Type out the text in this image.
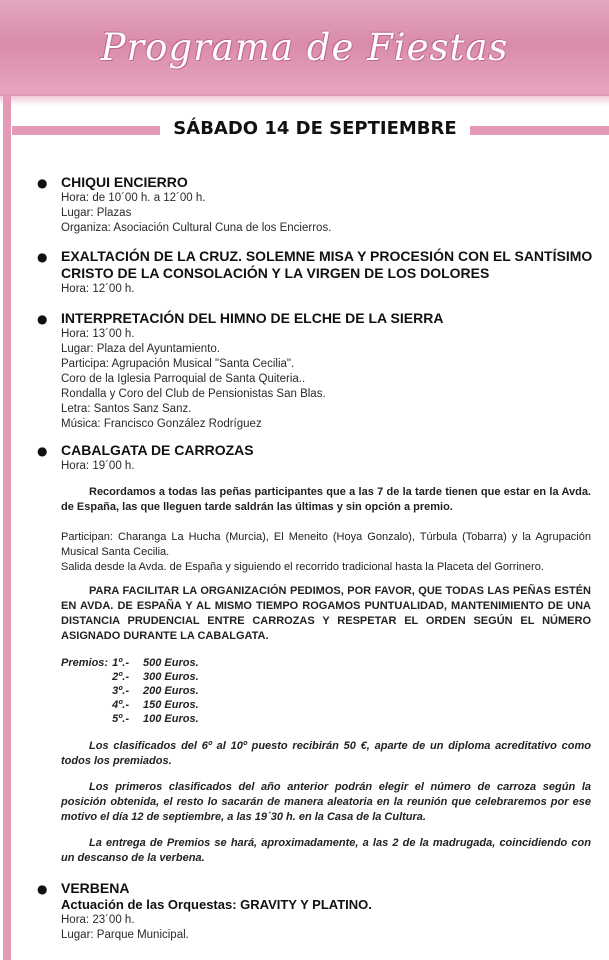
Programa de Fiestas
SÁBADO 14 DE SEPTIEMBRE
● CHIQUI ENCIERRO
Hora: de 10´00 h. a 12´00 h.
Lugar: Plazas
Organiza: Asociación Cultural Cuna de los Encierros.
● EXALTACIÓN DE LA CRUZ. SOLEMNE MISA Y PROCESIÓN CON EL SANTÍSIMO
CRISTO DE LA CONSOLACIÓN Y LA VIRGEN DE LOS DOLORES
Hora: 12´00 h.
● INTERPRETACIÓN DEL HIMNO DE ELCHE DE LA SIERRA
Hora: 13´00 h.
Lugar: Plaza del Ayuntamiento.
Participa: Agrupación Musical "Santa Cecilia".
Coro de la Iglesia Parroquial de Santa Quiteria..
Rondalla y Coro del Club de Pensionistas San Blas.
Letra: Santos Sanz Sanz.
Música: Francisco González Rodríguez
● CABALGATA DE CARROZAS
Hora: 19´00 h.
Recordamos a todas las peñas participantes que a las 7 de la tarde tienen que estar en la Avda. de España, las que lleguen tarde saldrán las últimas y sin opción a premio.
Participan: Charanga La Hucha (Murcia), El Meneito (Hoya Gonzalo), Túrbula (Tobarra) y la Agrupación Musical Santa Cecilia.
Salida desde la Avda. de España y siguiendo el recorrido tradicional hasta la Placeta del Gorrinero.
PARA FACILITAR LA ORGANIZACIÓN PEDIMOS, POR FAVOR, QUE TODAS LAS PEÑAS ESTÉN EN AVDA. DE ESPAÑA Y AL MISMO TIEMPO ROGAMOS PUNTUALIDAD, MANTENIMIENTO DE UNA DISTANCIA PRUDENCIAL ENTRE CARROZAS Y RESPETAR EL ORDEN SEGÚN EL NÚMERO ASIGNADO DURANTE LA CABALGATA.
Premios: 1º.- 500 Euros.
2º.- 300 Euros.
3º.- 200 Euros.
4º.- 150 Euros.
5º.- 100 Euros.
Los clasificados del 6º al 10º puesto recibirán 50 €, aparte de un diploma acreditativo como todos los premiados.
Los primeros clasificados del año anterior podrán elegir el número de carroza según la posición obtenida, el resto lo sacarán de manera aleatoria en la reunión que celebraremos por ese motivo el día 12 de septiembre, a las 19´30 h. en la Casa de la Cultura.
La entrega de Premios se hará, aproximadamente, a las 2 de la madrugada, coincidiendo con un descanso de la verbena.
● VERBENA
Actuación de las Orquestas: GRAVITY Y PLATINO.
Hora: 23´00 h.
Lugar: Parque Municipal.
